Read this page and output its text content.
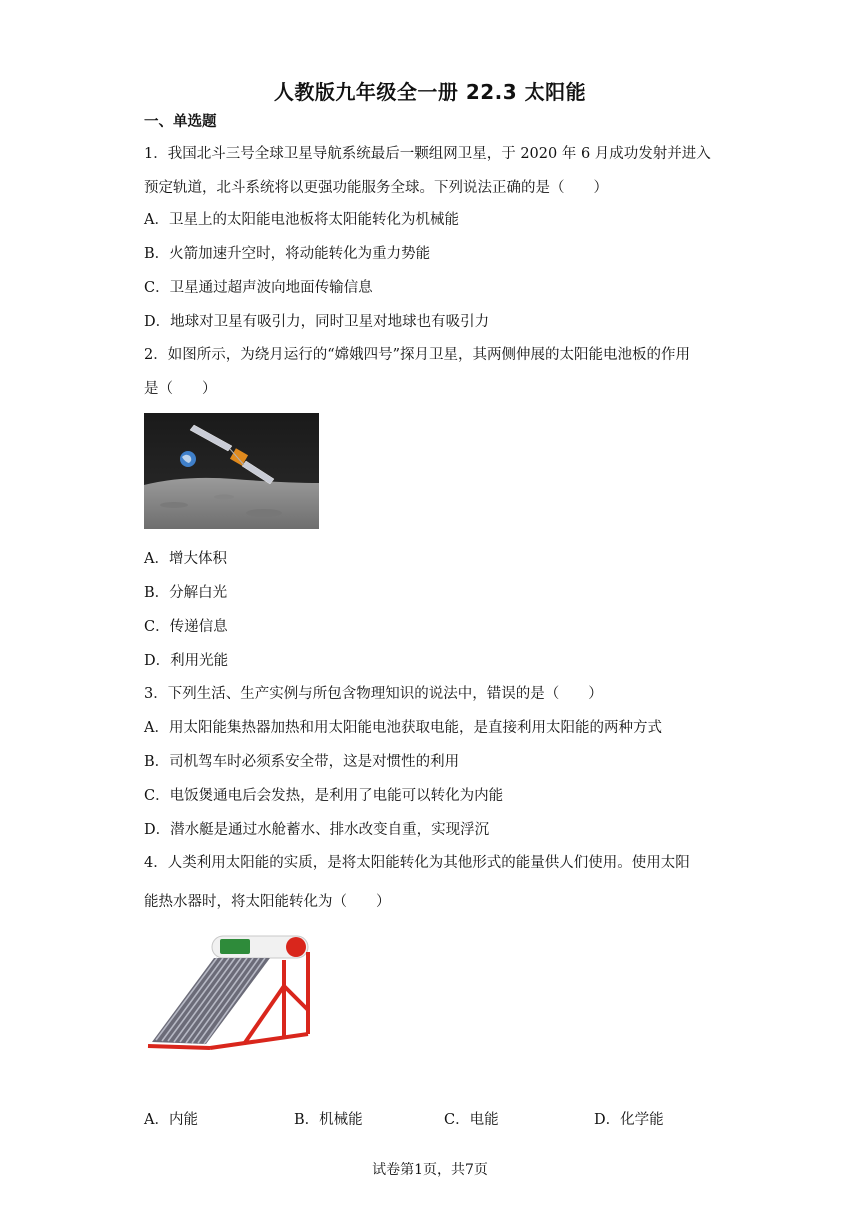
人教版九年级全一册 22.3 太阳能
一、单选题
1．我国北斗三号全球卫星导航系统最后一颗组网卫星，于 2020 年 6 月成功发射并进入
预定轨道，北斗系统将以更强功能服务全球。下列说法正确的是（　　）
A．卫星上的太阳能电池板将太阳能转化为机械能
B．火箭加速升空时，将动能转化为重力势能
C．卫星通过超声波向地面传输信息
D．地球对卫星有吸引力，同时卫星对地球也有吸引力
2．如图所示，为绕月运行的“嫦娥四号”探月卫星，其两侧伸展的太阳能电池板的作用
是（　　）
A．增大体积
B．分解白光
C．传递信息
D．利用光能
3．下列生活、生产实例与所包含物理知识的说法中，错误的是（　　）
A．用太阳能集热器加热和用太阳能电池获取电能，是直接利用太阳能的两种方式
B．司机驾车时必须系安全带，这是对惯性的利用
C．电饭煲通电后会发热，是利用了电能可以转化为内能
D．潜水艇是通过水舱蓄水、排水改变自重，实现浮沉
4．人类利用太阳能的实质，是将太阳能转化为其他形式的能量供人们使用。使用太阳
能热水器时，将太阳能转化为（　　）
A．内能	B．机械能	C．电能	D．化学能
试卷第1页，共7页
